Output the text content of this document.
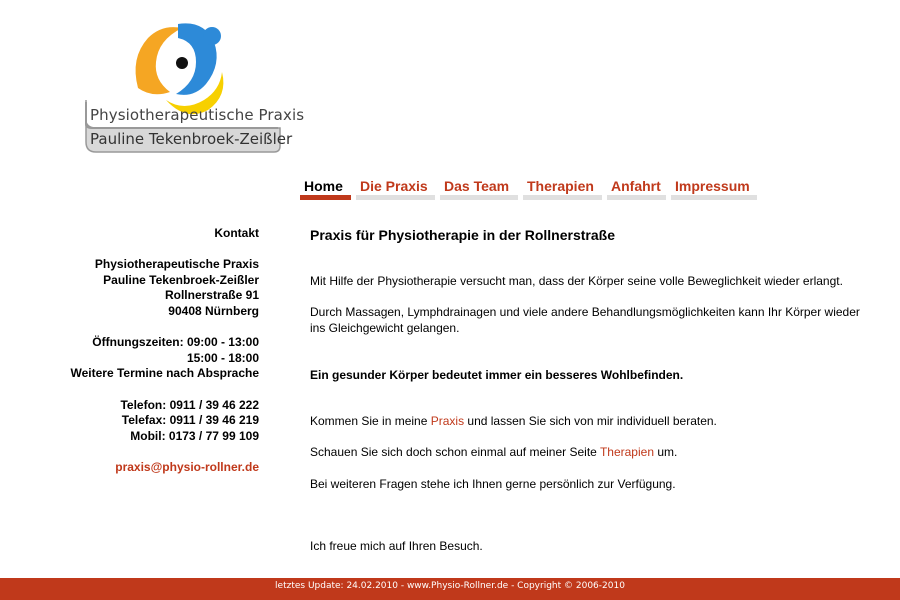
Physiotherapeutische Praxis
Pauline Tekenbroek-Zeißler
Home	Die Praxis	Das Team	Therapien	Anfahrt	Impressum
Kontakt
Physiotherapeutische Praxis
Pauline Tekenbroek-Zeißler
Rollnerstraße 91
90408 Nürnberg
Öffnungszeiten: 09:00 - 13:00
15:00 - 18:00
Weitere Termine nach Absprache
Telefon: 0911 / 39 46 222
Telefax: 0911 / 39 46 219
Mobil: 0173 / 77 99 109
praxis@physio-rollner.de
Praxis für Physiotherapie in der Rollnerstraße

Mit Hilfe der Physiotherapie versucht man, dass der Körper seine volle Beweglichkeit wieder erlangt.

Durch Massagen, Lymphdrainagen und viele andere Behandlungsmöglichkeiten kann Ihr Körper wieder ins Gleichgewicht gelangen.

Ein gesunder Körper bedeutet immer ein besseres Wohlbefinden.

Kommen Sie in meine Praxis und lassen Sie sich von mir individuell beraten.

Schauen Sie sich doch schon einmal auf meiner Seite Therapien um.

Bei weiteren Fragen stehe ich Ihnen gerne persönlich zur Verfügung.

Ich freue mich auf Ihren Besuch.

letztes Update: 24.02.2010 - www.Physio-Rollner.de - Copyright © 2006-2010
